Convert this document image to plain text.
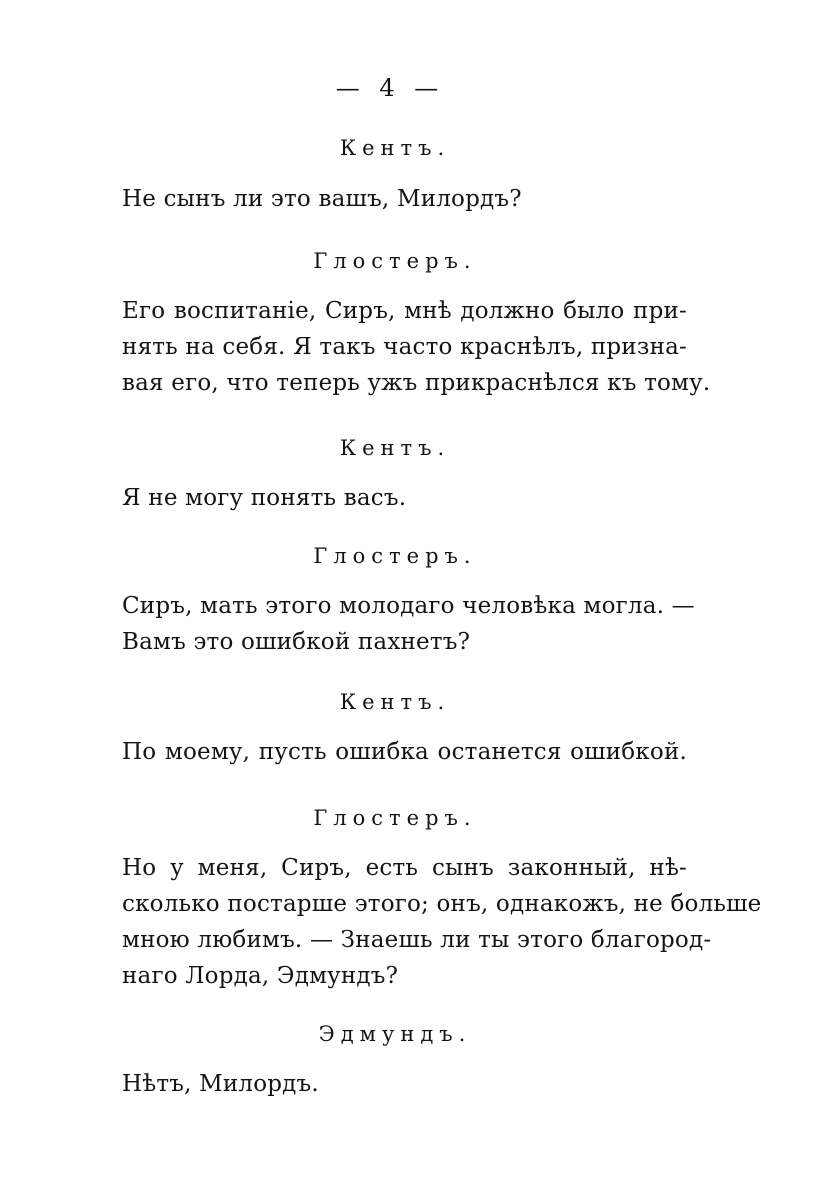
— 4 —
Кентъ.
Не сынъ ли это вашъ, Милордъ?
Глостеръ.
Его воспитаніе, Сиръ, мнѣ должно было при-
нять на себя. Я такъ часто краснѣлъ, призна-
вая его, что теперь ужъ прикраснѣлся къ тому.
Кентъ.
Я не могу понять васъ.
Глостеръ.
Сиръ, мать этого молодаго человѣка могла. —
Вамъ это ошибкой пахнетъ?
Кентъ.
По моему, пусть ошибка останется ошибкой.
Глостеръ.
Но у меня, Сиръ, есть сынъ законный, нѣ-
сколько постарше этого; онъ, однакожъ, не больше
мною любимъ. — Знаешь ли ты этого благород-
наго Лорда, Эдмундъ?
Эдмундъ.
Нѣтъ, Милордъ.
